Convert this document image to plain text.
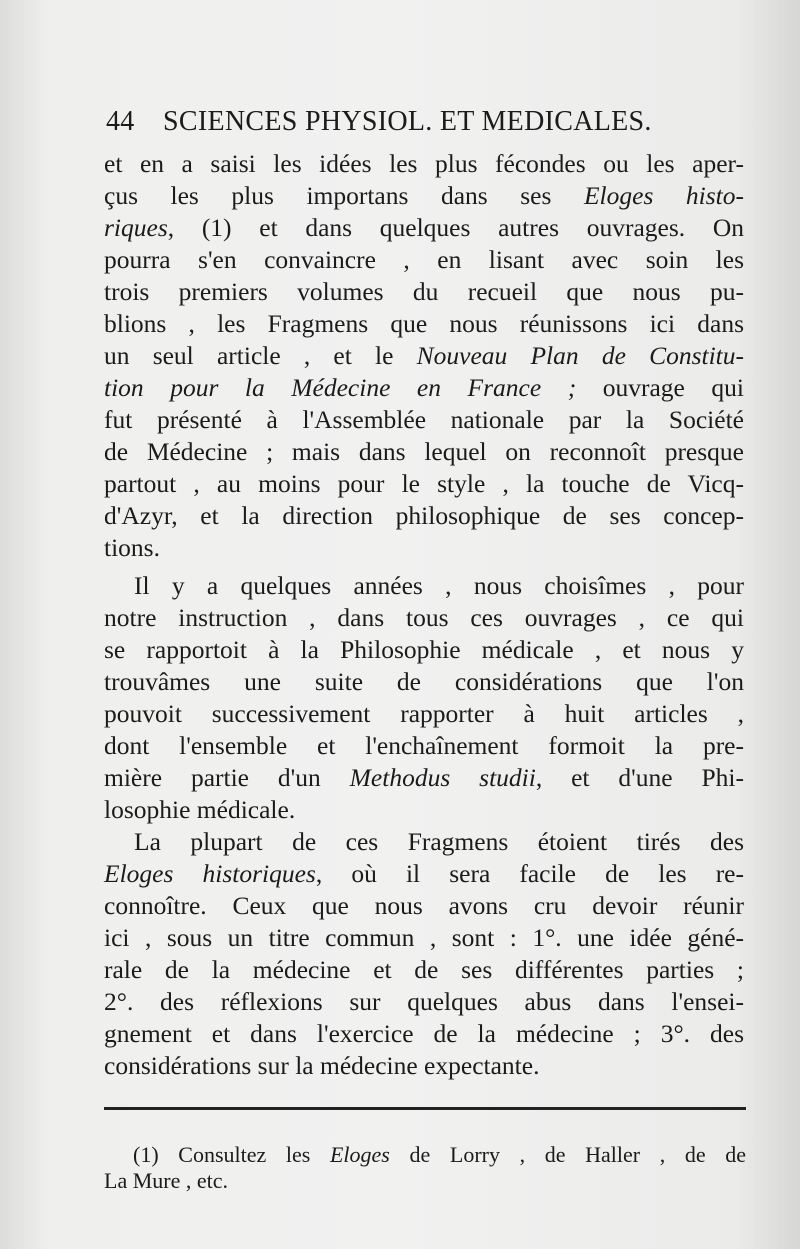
44 SCIENCES PHYSIOL. ET MEDICALES.
et en a saisi les idées les plus fécondes ou les aper-
çus les plus importans dans ses Eloges histo-
riques, (1) et dans quelques autres ouvrages. On
pourra s'en convaincre , en lisant avec soin les
trois premiers volumes du recueil que nous pu-
blions , les Fragmens que nous réunissons ici dans
un seul article , et le Nouveau Plan de Constitu-
tion pour la Médecine en France ; ouvrage qui
fut présenté à l'Assemblée nationale par la Société
de Médecine ; mais dans lequel on reconnoît presque
partout , au moins pour le style , la touche de Vicq-
d'Azyr, et la direction philosophique de ses concep-
tions.
Il y a quelques années , nous choisîmes , pour
notre instruction , dans tous ces ouvrages , ce qui
se rapportoit à la Philosophie médicale , et nous y
trouvâmes une suite de considérations que l'on
pouvoit successivement rapporter à huit articles ,
dont l'ensemble et l'enchaînement formoit la pre-
mière partie d'un Methodus studii, et d'une Phi-
losophie médicale.
La plupart de ces Fragmens étoient tirés des
Eloges historiques, où il sera facile de les re-
connoître. Ceux que nous avons cru devoir réunir
ici , sous un titre commun , sont : 1°. une idée géné-
rale de la médecine et de ses différentes parties ;
2°. des réflexions sur quelques abus dans l'ensei-
gnement et dans l'exercice de la médecine ; 3°. des
considérations sur la médecine expectante.
(1) Consultez les Eloges de Lorry , de Haller , de de
La Mure , etc.
